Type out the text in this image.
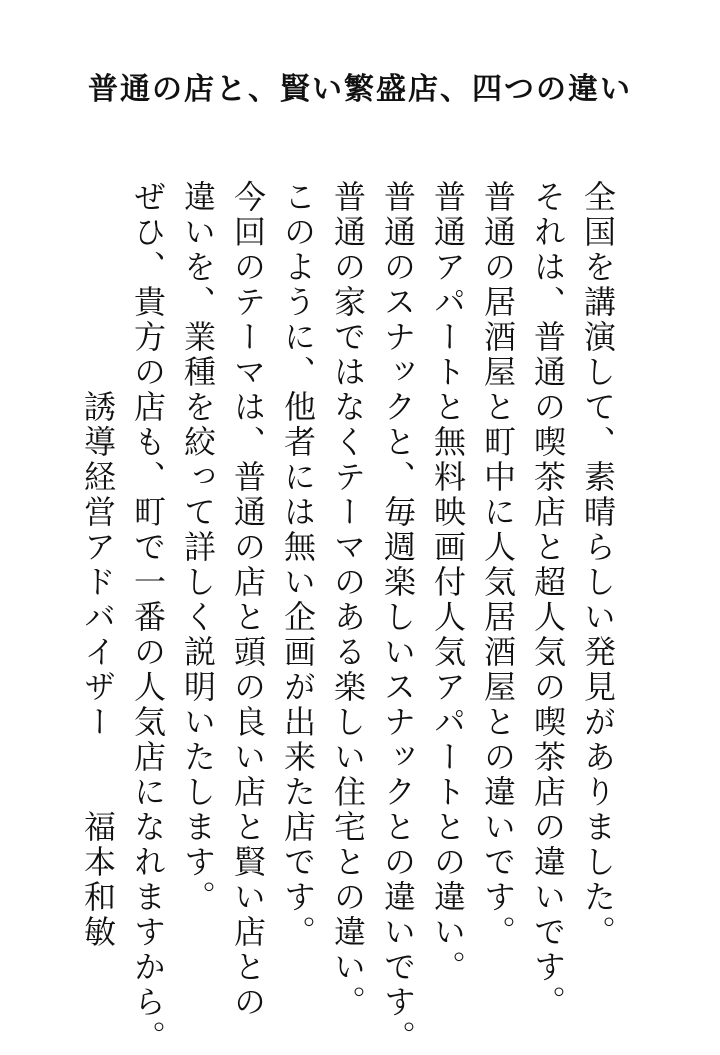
普通の店と、賢い繁盛店、四つの違い

全国を講演して、素晴らしい発見がありました。

それは、普通の喫茶店と超人気の喫茶店の違いです。

普通の居酒屋と町中に人気居酒屋との違いです。

普通アパートと無料映画付人気アパートとの違い。

普通のスナックと、毎週楽しいスナックとの違いです。

普通の家ではなくテーマのある楽しい住宅との違い。

このように、他者には無い企画が出来た店です。

今回のテーマは、普通の店と頭の良い店と賢い店との

違いを、業種を絞って詳しく説明いたします。

ぜひ、貴方の店も、町で一番の人気店になれますから。

誘導経営アドバイザー
福本和敏
